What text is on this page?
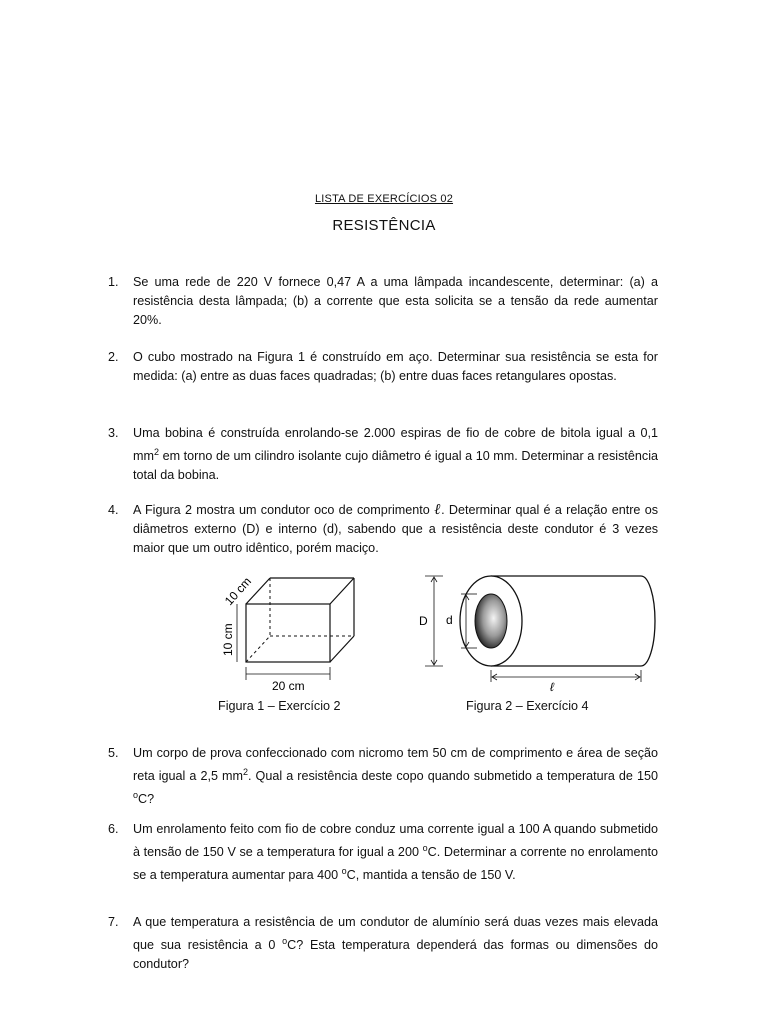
LISTA DE EXERCÍCIOS 02
RESISTÊNCIA
1. Se uma rede de 220 V fornece 0,47 A a uma lâmpada incandescente, determinar: (a) a resistência desta lâmpada; (b) a corrente que esta solicita se a tensão da rede aumentar 20%.
2. O cubo mostrado na Figura 1 é construído em aço. Determinar sua resistência se esta for medida: (a) entre as duas faces quadradas; (b) entre duas faces retangulares opostas.
3. Uma bobina é construída enrolando-se 2.000 espiras de fio de cobre de bitola igual a 0,1 $mm^2$ em torno de um cilindro isolante cujo diâmetro é igual a 10 mm. Determinar a resistência total da bobina.
4. A Figura 2 mostra um condutor oco de comprimento ℓ. Determinar qual é a relação entre os diâmetros externo (D) e interno (d), sabendo que a resistência deste condutor é 3 vezes maior que um outro idêntico, porém maciço.
10 cm
10 cm
20 cm
D d
ℓ
Figura 1 – Exercício 2	Figura 2 – Exercício 4
5. Um corpo de prova confeccionado com nicromo tem 50 cm de comprimento e área de seção reta igual a 2,5 $mm^2$. Qual a resistência deste copo quando submetido a temperatura de 150 $^o$C?
6. Um enrolamento feito com fio de cobre conduz uma corrente igual a 100 A quando submetido à tensão de 150 V se a temperatura for igual a 200 $^o$C. Determinar a corrente no enrolamento se a temperatura aumentar para 400 $^o$C, mantida a tensão de 150 V.
7. A que temperatura a resistência de um condutor de alumínio será duas vezes mais elevada que sua resistência a 0 $^o$C? Esta temperatura dependerá das formas ou dimensões do condutor?
